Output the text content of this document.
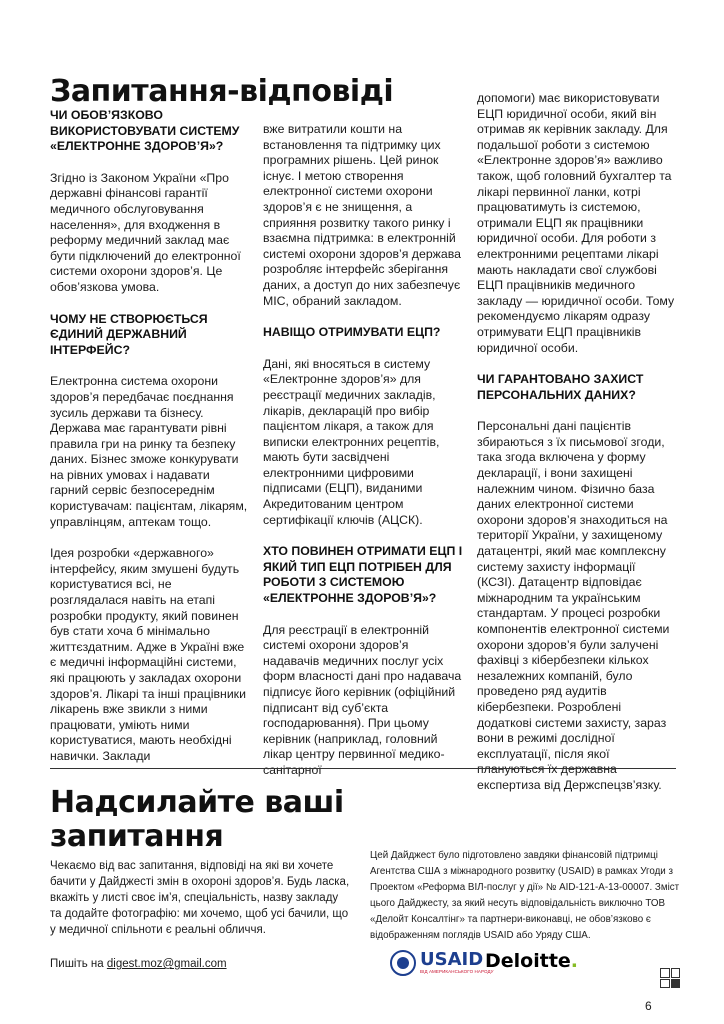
Запитання-відповіді
ЧИ ОБОВ’ЯЗКОВО ВИКОРИСТОВУВАТИ СИСТЕМУ «ЕЛЕКТРОННЕ ЗДОРОВ’Я»?

Згідно із Законом України «Про державні фінансові гарантії медичного обслуговування населення», для входження в реформу медичний заклад має бути підключений до електронної системи охорони здоров’я. Це обов’язкова умова.

ЧОМУ НЕ СТВОРЮЄТЬСЯ ЄДИНИЙ ДЕРЖАВНИЙ ІНТЕРФЕЙС?

Електронна система охорони здоров’я передбачає поєднання зусиль держави та бізнесу. Держава має гарантувати рівні правила гри на ринку та безпеку даних. Бізнес зможе конкурувати на рівних умовах і надавати гарний сервіс безпосереднім користувачам: пацієнтам, лікарям, управлінцям, аптекам тощо.

Ідея розробки «державного» інтерфейсу, яким змушені будуть користуватися всі, не розглядалася навіть на етапі розробки продукту, який повинен був стати хоча б мінімально життєздатним. Адже в Україні вже є медичні інформаційні системи, які працюють у закладах охорони здоров’я. Лікарі та інші працівники лікарень вже звикли з ними працювати, уміють ними користуватися, мають необхідні навички. Заклади

вже витратили кошти на встановлення та підтримку цих програмних рішень. Цей ринок існує. І метою створення електронної системи охорони здоров’я є не знищення, а сприяння розвитку такого ринку і взаємна підтримка: в електронній системі охорони здоров’я держава розробляє інтерфейс зберігання даних, а доступ до них забезпечує МІС, обраний закладом.

НАВІЩО ОТРИМУВАТИ ЕЦП?

Дані, які вносяться в систему «Електронне здоров’я» для реєстрації медичних закладів, лікарів, декларацій про вибір пацієнтом лікаря, а також для виписки електронних рецептів, мають бути засвідчені електронними цифровими підписами (ЕЦП), виданими Акредитованим центром сертифікації ключів (АЦСК).

ХТО ПОВИНЕН ОТРИМАТИ ЕЦП І ЯКИЙ ТИП ЕЦП ПОТРІБЕН ДЛЯ РОБОТИ З СИСТЕМОЮ «ЕЛЕКТРОННЕ ЗДОРОВ’Я»?

Для реєстрації в електронній системі охорони здоров’я надавачів медичних послуг усіх форм власності дані про надавача підписує його керівник (офіційний підписант від суб’єкта господарювання). При цьому керівник (наприклад, головний лікар центру первинної медико-санітарної

допомоги) має використовувати ЕЦП юридичної особи, який він отримав як керівник закладу. Для подальшої роботи з системою «Електронне здоров’я» важливо також, щоб головний бухгалтер та лікарі первинної ланки, котрі працюватимуть із системою, отримали ЕЦП як працівники юридичної особи. Для роботи з електронними рецептами лікарі мають накладати свої службові ЕЦП працівників медичного закладу — юридичної особи. Тому рекомендуємо лікарям одразу отримувати ЕЦП працівників юридичної особи.

ЧИ ГАРАНТОВАНО ЗАХИСТ ПЕРСОНАЛЬНИХ ДАНИХ?

Персональні дані пацієнтів збираються з їх письмової згоди, така згода включена у форму декларації, і вони захищені належним чином. Фізично база даних електронної системи охорони здоров’я знаходиться на території України, у захищеному датацентрі, який має комплексну систему захисту інформації (КСЗІ). Датацентр відповідає міжнародним та українським стандартам. У процесі розробки компонентів електронної системи охорони здоров’я були залучені фахівці з кібербезпеки кількох незалежних компаній, було проведено ряд аудитів кібербезпеки. Розроблені додаткові системи захисту, зараз вони в режимі дослідної експлуатації, після якої плануються їх державна експертиза від Держспецзв’язку.

Надсилайте ваші запитання

Чекаємо від вас запитання, відповіді на які ви хочете бачити у Дайджесті змін в охороні здоров’я. Будь ласка, вкажіть у листі своє ім’я, спеціальність, назву закладу та додайте фотографію: ми хочемо, щоб усі бачили, що у медичної спільноти є реальні обличчя.

Пишіть на digest.moz@gmail.com

Цей Дайджест було підготовлено завдяки фінансовій підтримці Агентства США з міжнародного розвитку (USAID) в рамках Угоди з Проектом «Реформа ВІЛ-послуг у дії» № AID-121-A-13-00007. Зміст цього Дайджесту, за який несуть відповідальність виключно ТОВ «Делойт Консалтінг» та партнери-виконавці, не обов’язково є відображенням поглядів USAID або Уряду США.

USAID
ВІД АМЕРИКАНСЬКОГО НАРОДУ
Deloitte.
6
